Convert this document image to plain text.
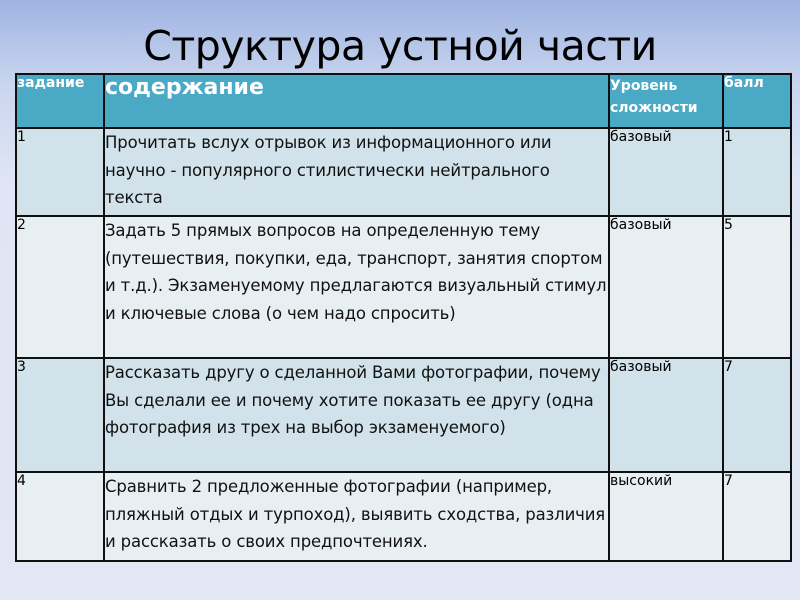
Структура устной части
задание	содержание	Уровень сложности	балл
1	Прочитать вслух отрывок из информационного или научно - популярного стилистически нейтрального текста	базовый	1
2	Задать 5 прямых вопросов на определенную тему (путешествия, покупки, еда, транспорт, занятия спортом и т.д.). Экзаменуемому предлагаются визуальный стимул и ключевые слова (о чем надо спросить)	базовый	5
3	Рассказать другу о сделанной Вами фотографии, почему Вы сделали ее и почему хотите показать ее другу (одна фотография из трех на выбор экзаменуемого)	базовый	7
4	Сравнить 2 предложенные фотографии (например, пляжный отдых и турпоход), выявить сходства, различия и рассказать о своих предпочтениях.	высокий	7
